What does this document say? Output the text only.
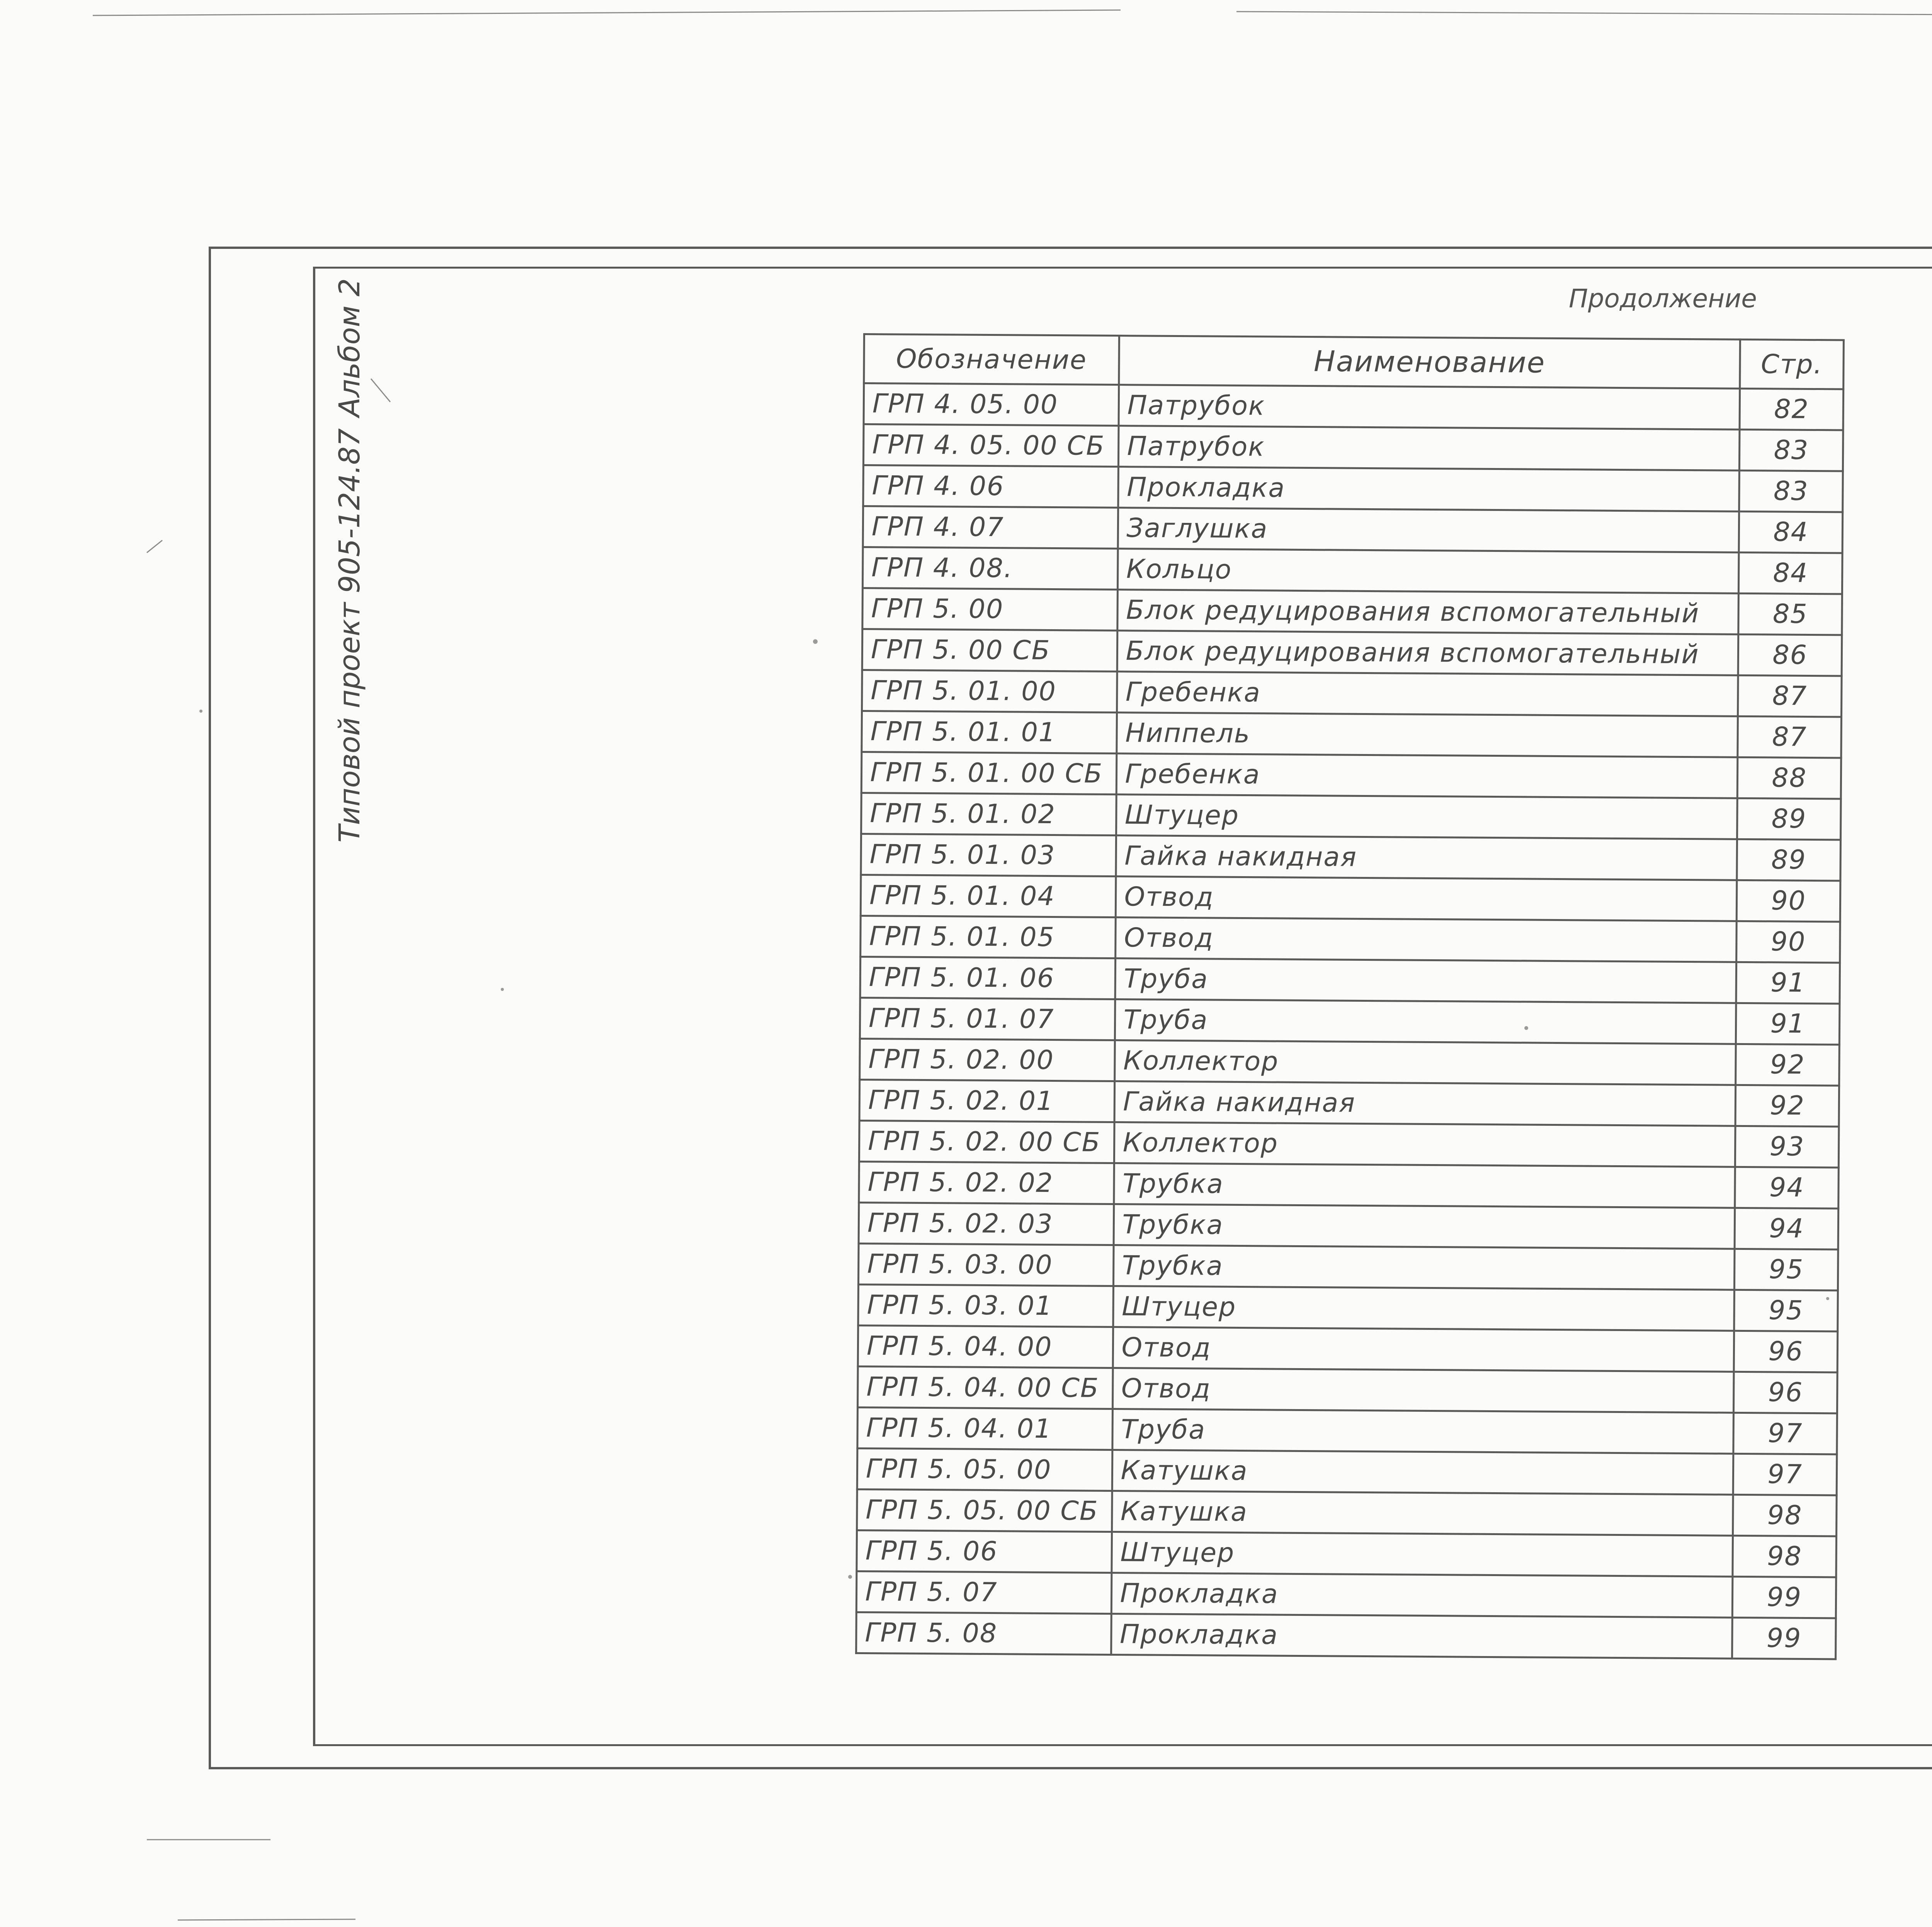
Типовой проект 905-124.87
Альбом 2	Продолжение
Обозначение	Наименование	Стр.
ГРП 4. 05. 00	Патрубок	82
ГРП 4. 05. 00 СБ	Патрубок	83
ГРП 4. 06	Прокладка	83
ГРП 4. 07	Заглушка	84
ГРП 4. 08.	Кольцо	84
ГРП 5. 00	Блок редуцирования вспомогательный	85
ГРП 5. 00 СБ	Блок редуцирования вспомогательный	86
ГРП 5. 01. 00	Гребенка	87
ГРП 5. 01. 01	Ниппель	87
ГРП 5. 01. 00 СБ	Гребенка	88
ГРП 5. 01. 02	Штуцер	89
ГРП 5. 01. 03	Гайка накидная	89
ГРП 5. 01. 04	Отвод	90
ГРП 5. 01. 05	Отвод	90
ГРП 5. 01. 06	Труба	91
ГРП 5. 01. 07	Труба	91
ГРП 5. 02. 00	Коллектор	92
ГРП 5. 02. 01	Гайка накидная	92
ГРП 5. 02. 00 СБ	Коллектор	93
ГРП 5. 02. 02	Трубка	94
ГРП 5. 02. 03	Трубка	94
ГРП 5. 03. 00	Трубка	95
ГРП 5. 03. 01	Штуцер	95
ГРП 5. 04. 00	Отвод	96
ГРП 5. 04. 00 СБ	Отвод	96
ГРП 5. 04. 01	Труба	97
ГРП 5. 05. 00	Катушка	97
ГРП 5. 05. 00 СБ	Катушка	98
ГРП 5. 06	Штуцер	98
ГРП 5. 07	Прокладка	99
ГРП 5. 08	Прокладка	99
